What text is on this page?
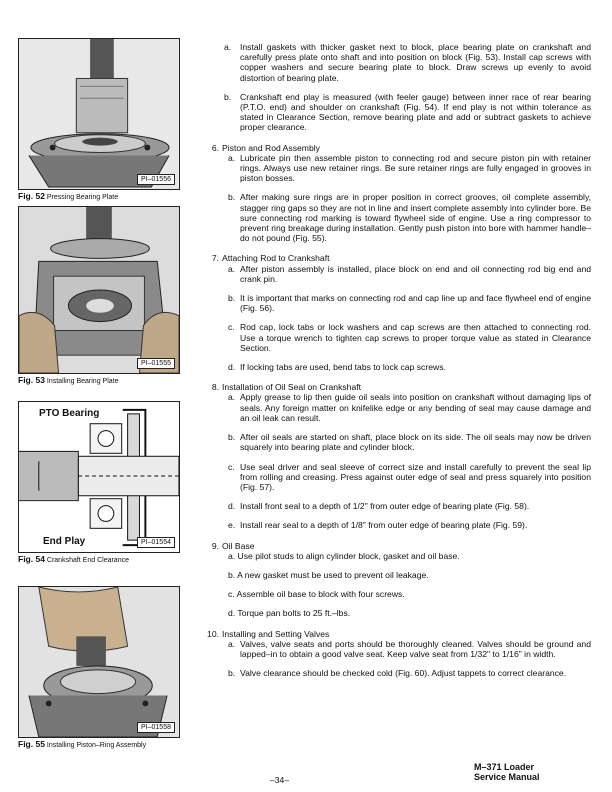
PI–01556
Fig. 52 Pressing Bearing Plate
PI–01555
Fig. 53 Installing Bearing Plate
PTO Bearing
End Play	PI–01554
Fig. 54 Crankshaft End Clearance
PI–01558
Fig. 55 Installing Piston–Ring Assembly
a. Install gaskets with thicker gasket next to block, place bearing plate on crankshaft and carefully press plate onto shaft and into position on block (Fig. 53). Install cap screws with copper washers and secure bearing plate to block. Draw screws up evenly to avoid distortion of bearing plate.
b. Crankshaft end play is measured (with feeler gauge) between inner race of rear bearing (P.T.O. end) and shoulder on crankshaft (Fig. 54). If end play is not within tolerance as stated in Clearance Section, remove bearing plate and add or subtract gaskets to achieve proper clearance.
6. Piston and Rod Assembly
a. Lubricate pin then assemble piston to connecting rod and secure piston pin with retainer rings. Always use new retainer rings. Be sure retainer rings are fully engaged in grooves in piston bosses.
b. After making sure rings are in proper position in correct grooves, oil complete assembly, stagger ring gaps so they are not in line and insert complete assembly into cylinder bore. Be sure connecting rod marking is toward flywheel side of engine. Use a ring compressor to prevent ring breakage during installation. Gently push piston into bore with hammer handle–do not pound (Fig. 55).
7. Attaching Rod to Crankshaft
a. After piston assembly is installed, place block on end and oil connecting rod big end and crank pin.
b. It is important that marks on connecting rod and cap line up and face flywheel end of engine (Fig. 56).
c. Rod cap, lock tabs or lock washers and cap screws are then attached to connecting rod. Use a torque wrench to tighten cap screws to proper torque value as stated in Clearance Section.
d. If locking tabs are used, bend tabs to lock cap screws.
8. Installation of Oil Seal on Crankshaft
a. Apply grease to lip then guide oil seals into position on crankshaft without damaging lips of seals. Any foreign matter on knifelike edge or any bending of seal may cause damage and an oil leak can result.
b. After oil seals are started on shaft, place block on its side. The oil seals may now be driven squarely into bearing plate and cylinder block.
c. Use seal driver and seal sleeve of correct size and install carefully to prevent the seal lip from rolling and creasing. Press against outer edge of seal and press squarely into position (Fig. 57).
d. Install front seal to a depth of 1/2" from outer edge of bearing plate (Fig. 58).
e. Install rear seal to a depth of 1/8" from outer edge of bearing plate (Fig. 59).
9. Oil Base

a. Use pilot studs to align cylinder block, gasket and oil base.

b. A new gasket must be used to prevent oil leakage.

c. Assemble oil base to block with four screws.

d. Torque pan bolts to 25 ft.–lbs.

10. Installing and Setting Valves
a. Valves, valve seats and ports should be thoroughly cleaned. Valves should be ground and lapped–in to obtain a good valve seat. Keep valve seat from 1/32" to 1/16" in width.
b. Valve clearance should be checked cold (Fig. 60). Adjust tappets to correct clearance.
–34–
M–371 Loader
Service Manual
